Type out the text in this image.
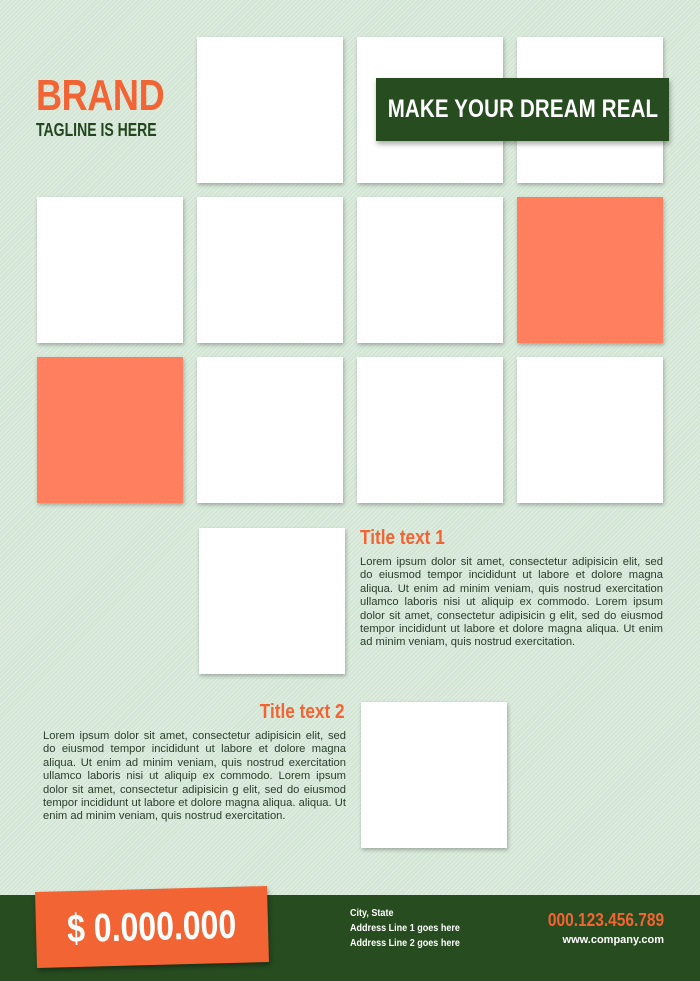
BRAND
TAGLINE IS HERE
MAKE YOUR DREAM REAL
Title text 1
Lorem ipsum dolor sit amet, consectetur adipisicin elit, sed do eiusmod tempor incididunt ut labore et dolore magna aliqua. Ut enim ad minim veniam, quis nostrud exercitation ullamco laboris nisi ut aliquip ex commodo. Lorem ipsum dolor sit amet, consectetur adipisicin g elit, sed do eiusmod tempor incididunt ut labore et dolore magna aliqua. Ut enim ad minim veniam, quis nostrud exercitation.
Title text 2
Lorem ipsum dolor sit amet, consectetur adipisicin elit, sed do eiusmod tempor incididunt ut labore et dolore magna aliqua. Ut enim ad minim veniam, quis nostrud exercitation ullamco laboris nisi ut aliquip ex commodo. Lorem ipsum dolor sit amet, consectetur adipisicin g elit, sed do eiusmod tempor incididunt ut labore et dolore magna aliqua. aliqua. Ut enim ad minim veniam, quis nostrud exercitation.
$ 0.000.000	City, State
Address Line 1 goes here
Address Line 2 goes here
000.123.456.789
www.company.com
